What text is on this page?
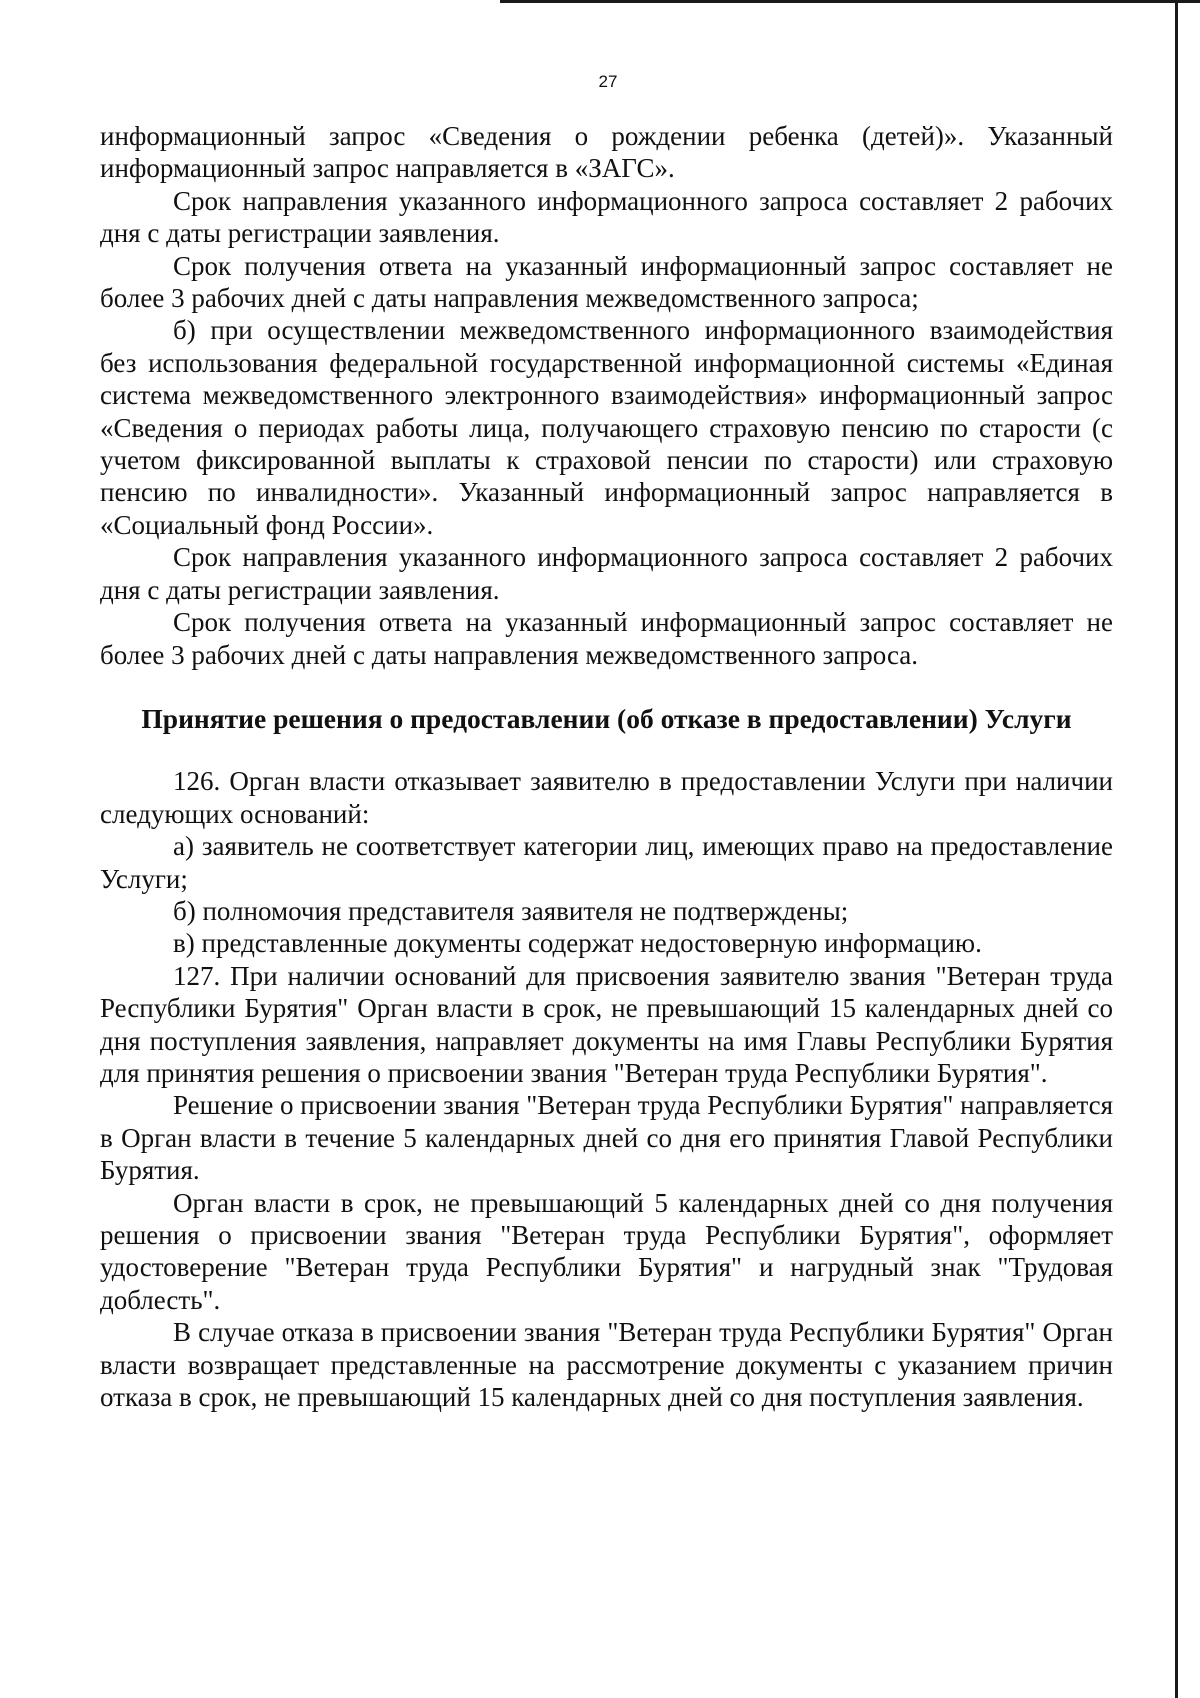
27

информационный запрос «Сведения о рождении ребенка (детей)». Указанный информационный запрос направляется в «ЗАГС».

Срок направления указанного информационного запроса составляет 2 рабочих дня с даты регистрации заявления.

Срок получения ответа на указанный информационный запрос составляет не более 3 рабочих дней с даты направления межведомственного запроса;

б) при осуществлении межведомственного информационного взаимодействия без использования федеральной государственной информационной системы «Единая система межведомственного электронного взаимодействия» информационный запрос «Сведения о периодах работы лица, получающего страховую пенсию по старости (с учетом фиксированной выплаты к страховой пенсии по старости) или страховую пенсию по инвалидности». Указанный информационный запрос направляется в «Социальный фонд России».

Срок направления указанного информационного запроса составляет 2 рабочих дня с даты регистрации заявления.

Срок получения ответа на указанный информационный запрос составляет не более 3 рабочих дней с даты направления межведомственного запроса.

Принятие решения о предоставлении (об отказе в предоставлении) Услуги

126. Орган власти отказывает заявителю в предоставлении Услуги при наличии следующих оснований:

а) заявитель не соответствует категории лиц, имеющих право на предоставление Услуги;

б) полномочия представителя заявителя не подтверждены;

в) представленные документы содержат недостоверную информацию.

127. При наличии оснований для присвоения заявителю звания "Ветеран труда Республики Бурятия" Орган власти в срок, не превышающий 15 календарных дней со дня поступления заявления, направляет документы на имя Главы Республики Бурятия для принятия решения о присвоении звания "Ветеран труда Республики Бурятия".

Решение о присвоении звания "Ветеран труда Республики Бурятия" направляется в Орган власти в течение 5 календарных дней со дня его принятия Главой Республики Бурятия.

Орган власти в срок, не превышающий 5 календарных дней со дня получения решения о присвоении звания "Ветеран труда Республики Бурятия", оформляет удостоверение "Ветеран труда Республики Бурятия" и нагрудный знак "Трудовая доблесть".

В случае отказа в присвоении звания "Ветеран труда Республики Бурятия" Орган власти возвращает представленные на рассмотрение документы с указанием причин отказа в срок, не превышающий 15 календарных дней со дня поступления заявления.
